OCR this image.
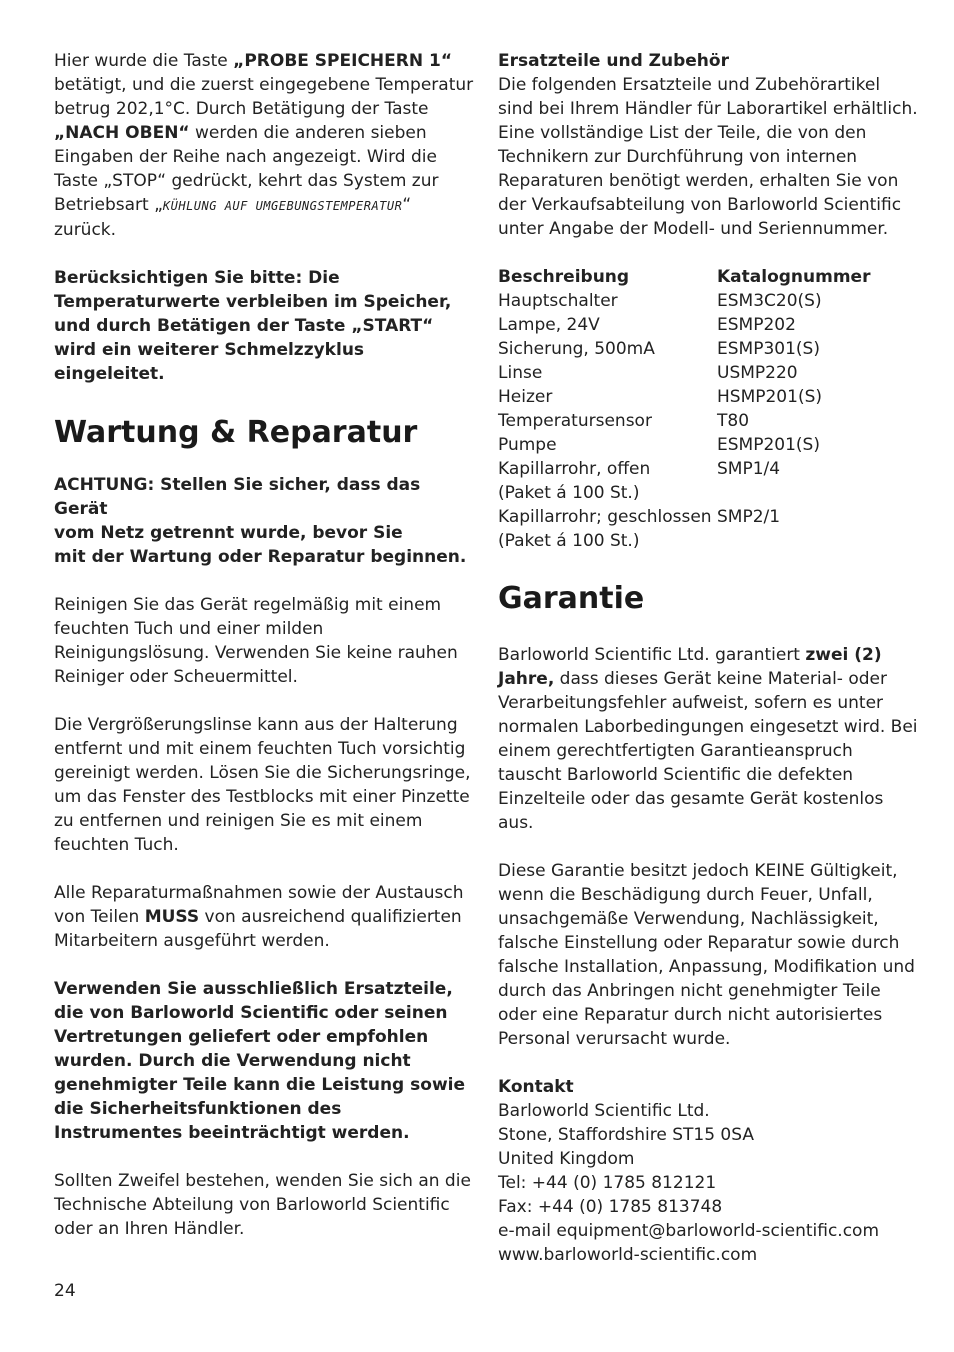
Hier wurde die Taste „PROBE SPEICHERN 1“ betätigt, und die zuerst eingegebene Temperatur betrug 202,1°C. Durch Betätigung der Taste „NACH OBEN“ werden die anderen sieben Eingaben der Reihe nach angezeigt. Wird die Taste „STOP“ gedrückt, kehrt das System zur Betriebsart „KÜHLUNG AUF UMGEBUNGSTEMPERATUR“ zurück.

Berücksichtigen Sie bitte: Die Temperaturwerte verbleiben im Speicher, und durch Betätigen der Taste „START“ wird ein weiterer Schmelzzyklus eingeleitet.

Wartung & Reparatur

ACHTUNG: Stellen Sie sicher, dass das Gerät
vom Netz getrennt wurde, bevor Sie
mit der Wartung oder Reparatur beginnen.

Reinigen Sie das Gerät regelmäßig mit einem feuchten Tuch und einer milden Reinigungslösung. Verwenden Sie keine rauhen Reiniger oder Scheuermittel.

Die Vergrößerungslinse kann aus der Halterung entfernt und mit einem feuchten Tuch vorsichtig gereinigt werden. Lösen Sie die Sicherungsringe, um das Fenster des Testblocks mit einer Pinzette zu entfernen und reinigen Sie es mit einem feuchten Tuch.

Alle Reparaturmaßnahmen sowie der Austausch von Teilen MUSS von ausreichend qualifizierten Mitarbeitern ausgeführt werden.

Verwenden Sie ausschließlich Ersatzteile, die von Barloworld Scientific oder seinen Vertretungen geliefert oder empfohlen wurden. Durch die Verwendung nicht genehmigter Teile kann die Leistung sowie die Sicherheitsfunktionen des Instrumentes beeinträchtigt werden.

Sollten Zweifel bestehen, wenden Sie sich an die Technische Abteilung von Barloworld Scientific oder an Ihren Händler.

Ersatzteile und Zubehör
Die folgenden Ersatzteile und Zubehörartikel sind bei Ihrem Händler für Laborartikel erhältlich. Eine vollständige List der Teile, die von den Technikern zur Durchführung von internen Reparaturen benötigt werden, erhalten Sie von der Verkaufsabteilung von Barloworld Scientific unter Angabe der Modell- und Seriennummer.

Beschreibung	Katalognummer
Hauptschalter	ESM3C20(S)
Lampe, 24V	ESMP202
Sicherung, 500mA	ESMP301(S)
Linse	USMP220
Heizer	HSMP201(S)
Temperatursensor	T80
Pumpe	ESMP201(S)
Kapillarrohr, offen	SMP1/4
(Paket á 100 St.)	
Kapillarrohr; geschlossen	SMP2/1
(Paket á 100 St.)	
Garantie

Barloworld Scientific Ltd. garantiert zwei (2) Jahre, dass dieses Gerät keine Material- oder Verarbeitungsfehler aufweist, sofern es unter normalen Laborbedingungen eingesetzt wird. Bei einem gerechtfertigten Garantieanspruch tauscht Barloworld Scientific die defekten Einzelteile oder das gesamte Gerät kostenlos aus.

Diese Garantie besitzt jedoch KEINE Gültigkeit, wenn die Beschädigung durch Feuer, Unfall, unsachgemäße Verwendung, Nachlässigkeit, falsche Einstellung oder Reparatur sowie durch falsche Installation, Anpassung, Modifikation und durch das Anbringen nicht genehmigter Teile oder eine Reparatur durch nicht autorisiertes Personal verursacht wurde.

Kontakt
Barloworld Scientific Ltd.
Stone, Staffordshire ST15 0SA
United Kingdom
Tel: +44 (0) 1785 812121
Fax: +44 (0) 1785 813748
e-mail equipment@barloworld-scientific.com
www.barloworld-scientific.com

24
